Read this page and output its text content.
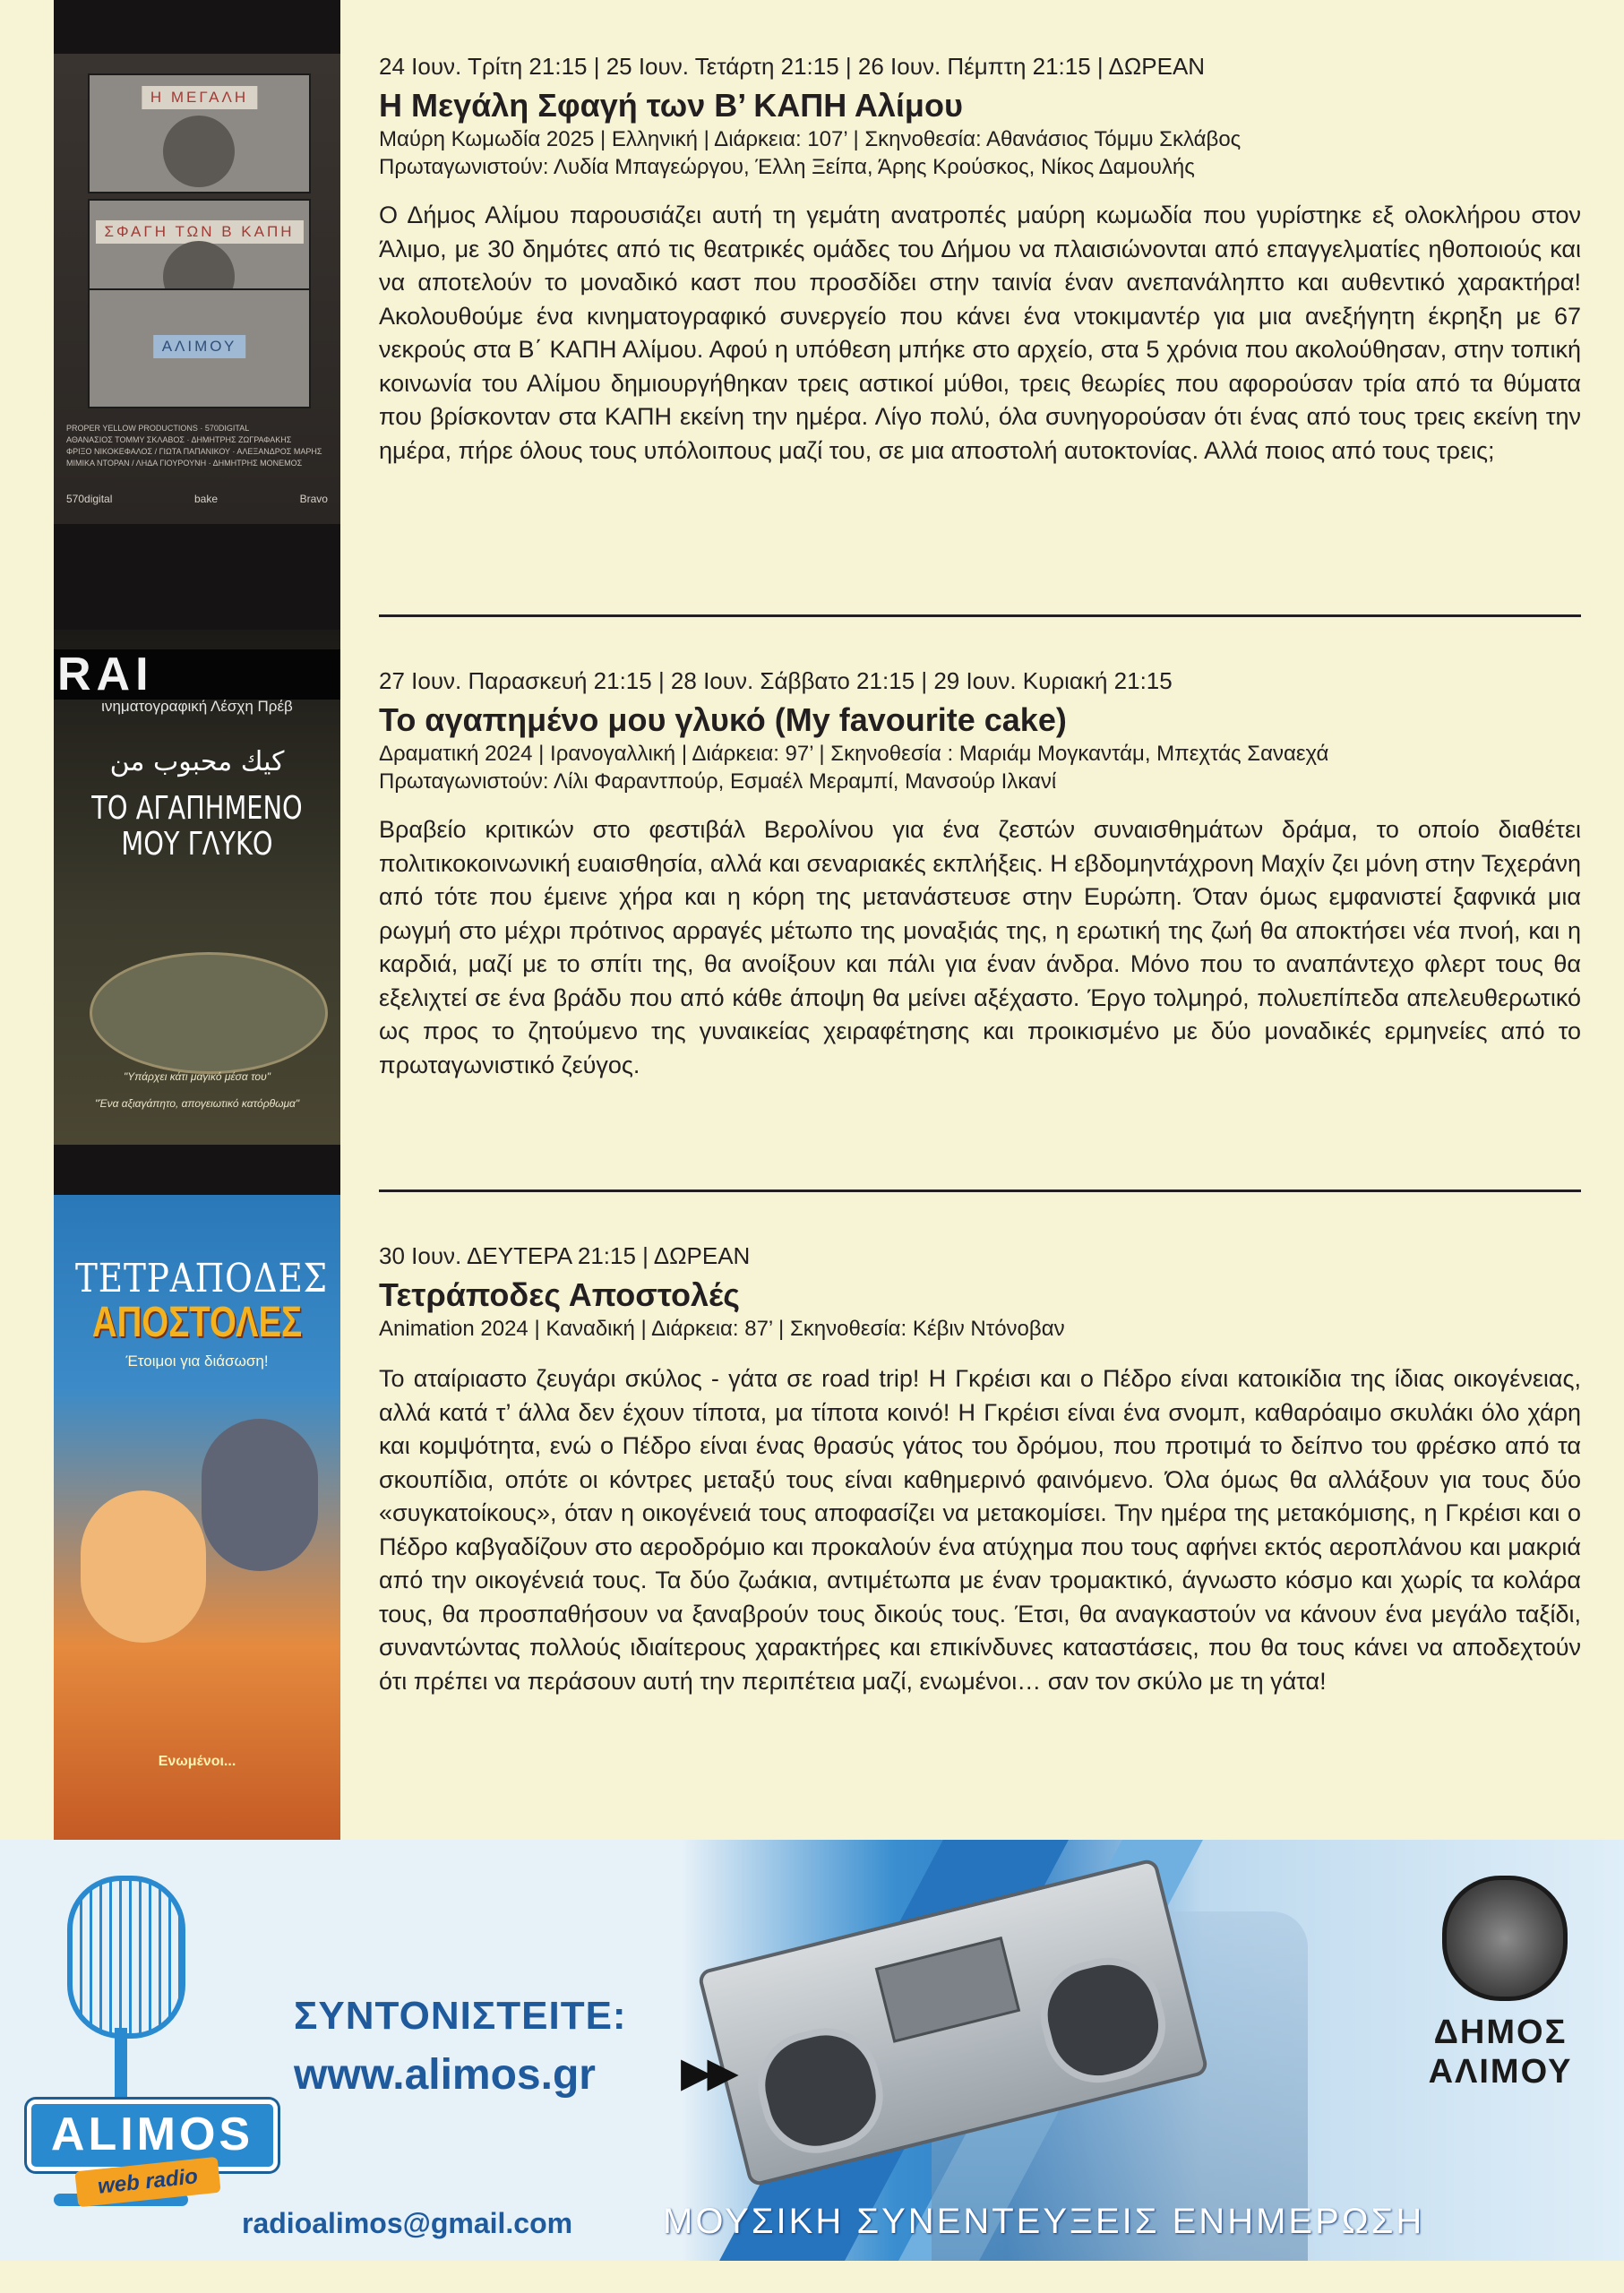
Η ΜΕΓΑΛΗ
ΣΦΑΓΗ ΤΩΝ Β ΚΑΠΗ
ΑΛΙΜΟΥ
PROPER YELLOW PRODUCTIONS · 570DIGITAL
ΑΘΑΝΑΣΙΟΣ ΤΟΜΜΥ ΣΚΛΑΒΟΣ · ΔΗΜΗΤΡΗΣ ΖΩΓΡΑΦΑΚΗΣ
ΦΡΙΞΟ ΝΙΚΟΚΕΦΑΛΟΣ / ΓΙΩΤΑ ΠΑΠΑΝΙΚΟΥ · ΑΛΕΞΑΝΔΡΟΣ ΜΑΡΗΣ
ΜΙΜΙΚΑ ΝΤΟΡΑΝ / ΛΗΔΑ ΓΙΟΥΡΟΥΝΗ · ΔΗΜΗΤΡΗΣ ΜΟΝΕΜΟΣ
570digital	bake	Bravo
RAI
ινηματογραφική Λέσχη Πρέβ
كيك محبوب من
ΤΟ ΑΓΑΠΗΜΕΝΟ
ΜΟΥ ΓΛΥΚΟ
"Υπάρχει κάτι μαγικό μέσα του"
"Ένα αξιαγάπητο, απογειωτικό κατόρθωμα"
ΤΕΤΡΑΠΟΔΕΣ
ΑΠΟΣΤΟΛΕΣ
Έτοιμοι για διάσωση!
Ενωμένοι...
24 Ιουν. Τρίτη 21:15 | 25 Ιουν. Τετάρτη 21:15 | 26 Ιουν. Πέμπτη 21:15 | ΔΩΡΕΑΝ
Η Μεγάλη Σφαγή των Β’ ΚΑΠΗ Αλίμου
Μαύρη Κωμωδία 2025 | Ελληνική | Διάρκεια: 107’ | Σκηνοθεσία: Αθανάσιος Τόμμυ Σκλάβος
Πρωταγωνιστούν: Λυδία Μπαγεώργου, Έλλη Ξείπα, Άρης Κρούσκος, Νίκος Δαμουλής
Ο Δήμος Αλίμου παρουσιάζει αυτή τη γεμάτη ανατροπές μαύρη κωμωδία που γυρίστηκε εξ ολοκλήρου στον Άλιμο, με 30 δημότες από τις θεατρικές ομάδες του Δήμου να πλαισιώνονται από επαγγελματίες ηθοποιούς και να αποτελούν το μοναδικό καστ που προσδίδει στην ταινία έναν ανεπανάληπτο και αυθεντικό χαρακτήρα! Ακολουθούμε ένα κινηματογραφικό συνεργείο που κάνει ένα ντοκιμαντέρ για μια ανεξήγητη έκρηξη με 67 νεκρούς στα Β΄ ΚΑΠΗ Αλίμου. Αφού η υπόθεση μπήκε στο αρχείο, στα 5 χρόνια που ακολούθησαν, στην τοπική κοινωνία του Αλίμου δημιουργήθηκαν τρεις αστικοί μύθοι, τρεις θεωρίες που αφορούσαν τρία από τα θύματα που βρίσκονταν στα ΚΑΠΗ εκείνη την ημέρα. Λίγο πολύ, όλα συνηγορούσαν ότι ένας από τους τρεις εκείνη την ημέρα, πήρε όλους τους υπόλοιπους μαζί του, σε μια αποστολή αυτοκτονίας. Αλλά ποιος από τους τρεις;
27 Ιουν. Παρασκευή 21:15 | 28 Ιουν. Σάββατο 21:15 | 29 Ιουν. Κυριακή 21:15
Το αγαπημένο μου γλυκό (My favourite cake)
Δραματική 2024 | Ιρανογαλλική | Διάρκεια: 97’ | Σκηνοθεσία : Μαριάμ Μογκαντάμ, Μπεχτάς Σαναεχά
Πρωταγωνιστούν: Λίλι Φαραντπούρ, Εσμαέλ Μεραμπί, Μανσούρ Ιλκανί
Βραβείο κριτικών στο φεστιβάλ Βερολίνου για ένα ζεστών συναισθημάτων δράμα, το οποίο διαθέτει πολιτικοκοινωνική ευαισθησία, αλλά και σεναριακές εκπλήξεις. Η εβδομηντάχρονη Μαχίν ζει μόνη στην Τεχεράνη από τότε που έμεινε χήρα και η κόρη της μετανάστευσε στην Ευρώπη. Όταν όμως εμφανιστεί ξαφνικά μια ρωγμή στο μέχρι πρότινος αρραγές μέτωπο της μοναξιάς της, η ερωτική της ζωή θα αποκτήσει νέα πνοή, και η καρδιά, μαζί με το σπίτι της, θα ανοίξουν και πάλι για έναν άνδρα. Μόνο που το αναπάντεχο φλερτ τους θα εξελιχτεί σε ένα βράδυ που από κάθε άποψη θα μείνει αξέχαστο. Έργο τολμηρό, πολυεπίπεδα απελευθερωτικό ως προς το ζητούμενο της γυναικείας χειραφέτησης και προικισμένο με δύο μοναδικές ερμηνείες από το πρωταγωνιστικό ζεύγος.
30 Ιουν. ΔΕΥΤΕΡΑ 21:15 | ΔΩΡΕΑΝ
Τετράποδες Αποστολές
Animation 2024 | Καναδική | Διάρκεια: 87’ | Σκηνοθεσία: Κέβιν Ντόνοβαν
Το αταίριαστο ζευγάρι σκύλος - γάτα σε road trip! Η Γκρέισι και ο Πέδρο είναι κατοικίδια της ίδιας οικογένειας, αλλά κατά τ’ άλλα δεν έχουν τίποτα, μα τίποτα κοινό! Η Γκρέισι είναι ένα σνομπ, καθαρόαιμο σκυλάκι όλο χάρη και κομψότητα, ενώ ο Πέδρο είναι ένας θρασύς γάτος του δρόμου, που προτιμά το δείπνο του φρέσκο από τα σκουπίδια, οπότε οι κόντρες μεταξύ τους είναι καθημερινό φαινόμενο. Όλα όμως θα αλλάξουν για τους δύο «συγκατοίκους», όταν η οικογένειά τους αποφασίζει να μετακομίσει. Την ημέρα της μετακόμισης, η Γκρέισι και ο Πέδρο καβγαδίζουν στο αεροδρόμιο και προκαλούν ένα ατύχημα που τους αφήνει εκτός αεροπλάνου και μακριά από την οικογένειά τους. Τα δύο ζωάκια, αντιμέτωπα με έναν τρομακτικό, άγνωστο κόσμο και χωρίς τα κολάρα τους, θα προσπαθήσουν να ξαναβρούν τους δικούς τους. Έτσι, θα αναγκαστούν να κάνουν ένα μεγάλο ταξίδι, συναντώντας πολλούς ιδιαίτερους χαρακτήρες και επικίνδυνες καταστάσεις, που θα τους κάνει να αποδεχτούν ότι πρέπει να περάσουν αυτή την περιπέτεια μαζί, ενωμένοι… σαν τον σκύλο με τη γάτα!
ALIMOS
web radio
ΣΥΝΤΟΝΙΣΤΕΙΤΕ:
www.alimos.gr ▶▶
radioalimos@gmail.com	ΜΟΥΣΙΚΗ ΣΥΝΕΝΤΕΥΞΕΙΣ ΕΝΗΜΕΡΩΣΗ
ΔΗΜΟΣ
ΑΛΙΜΟΥ
